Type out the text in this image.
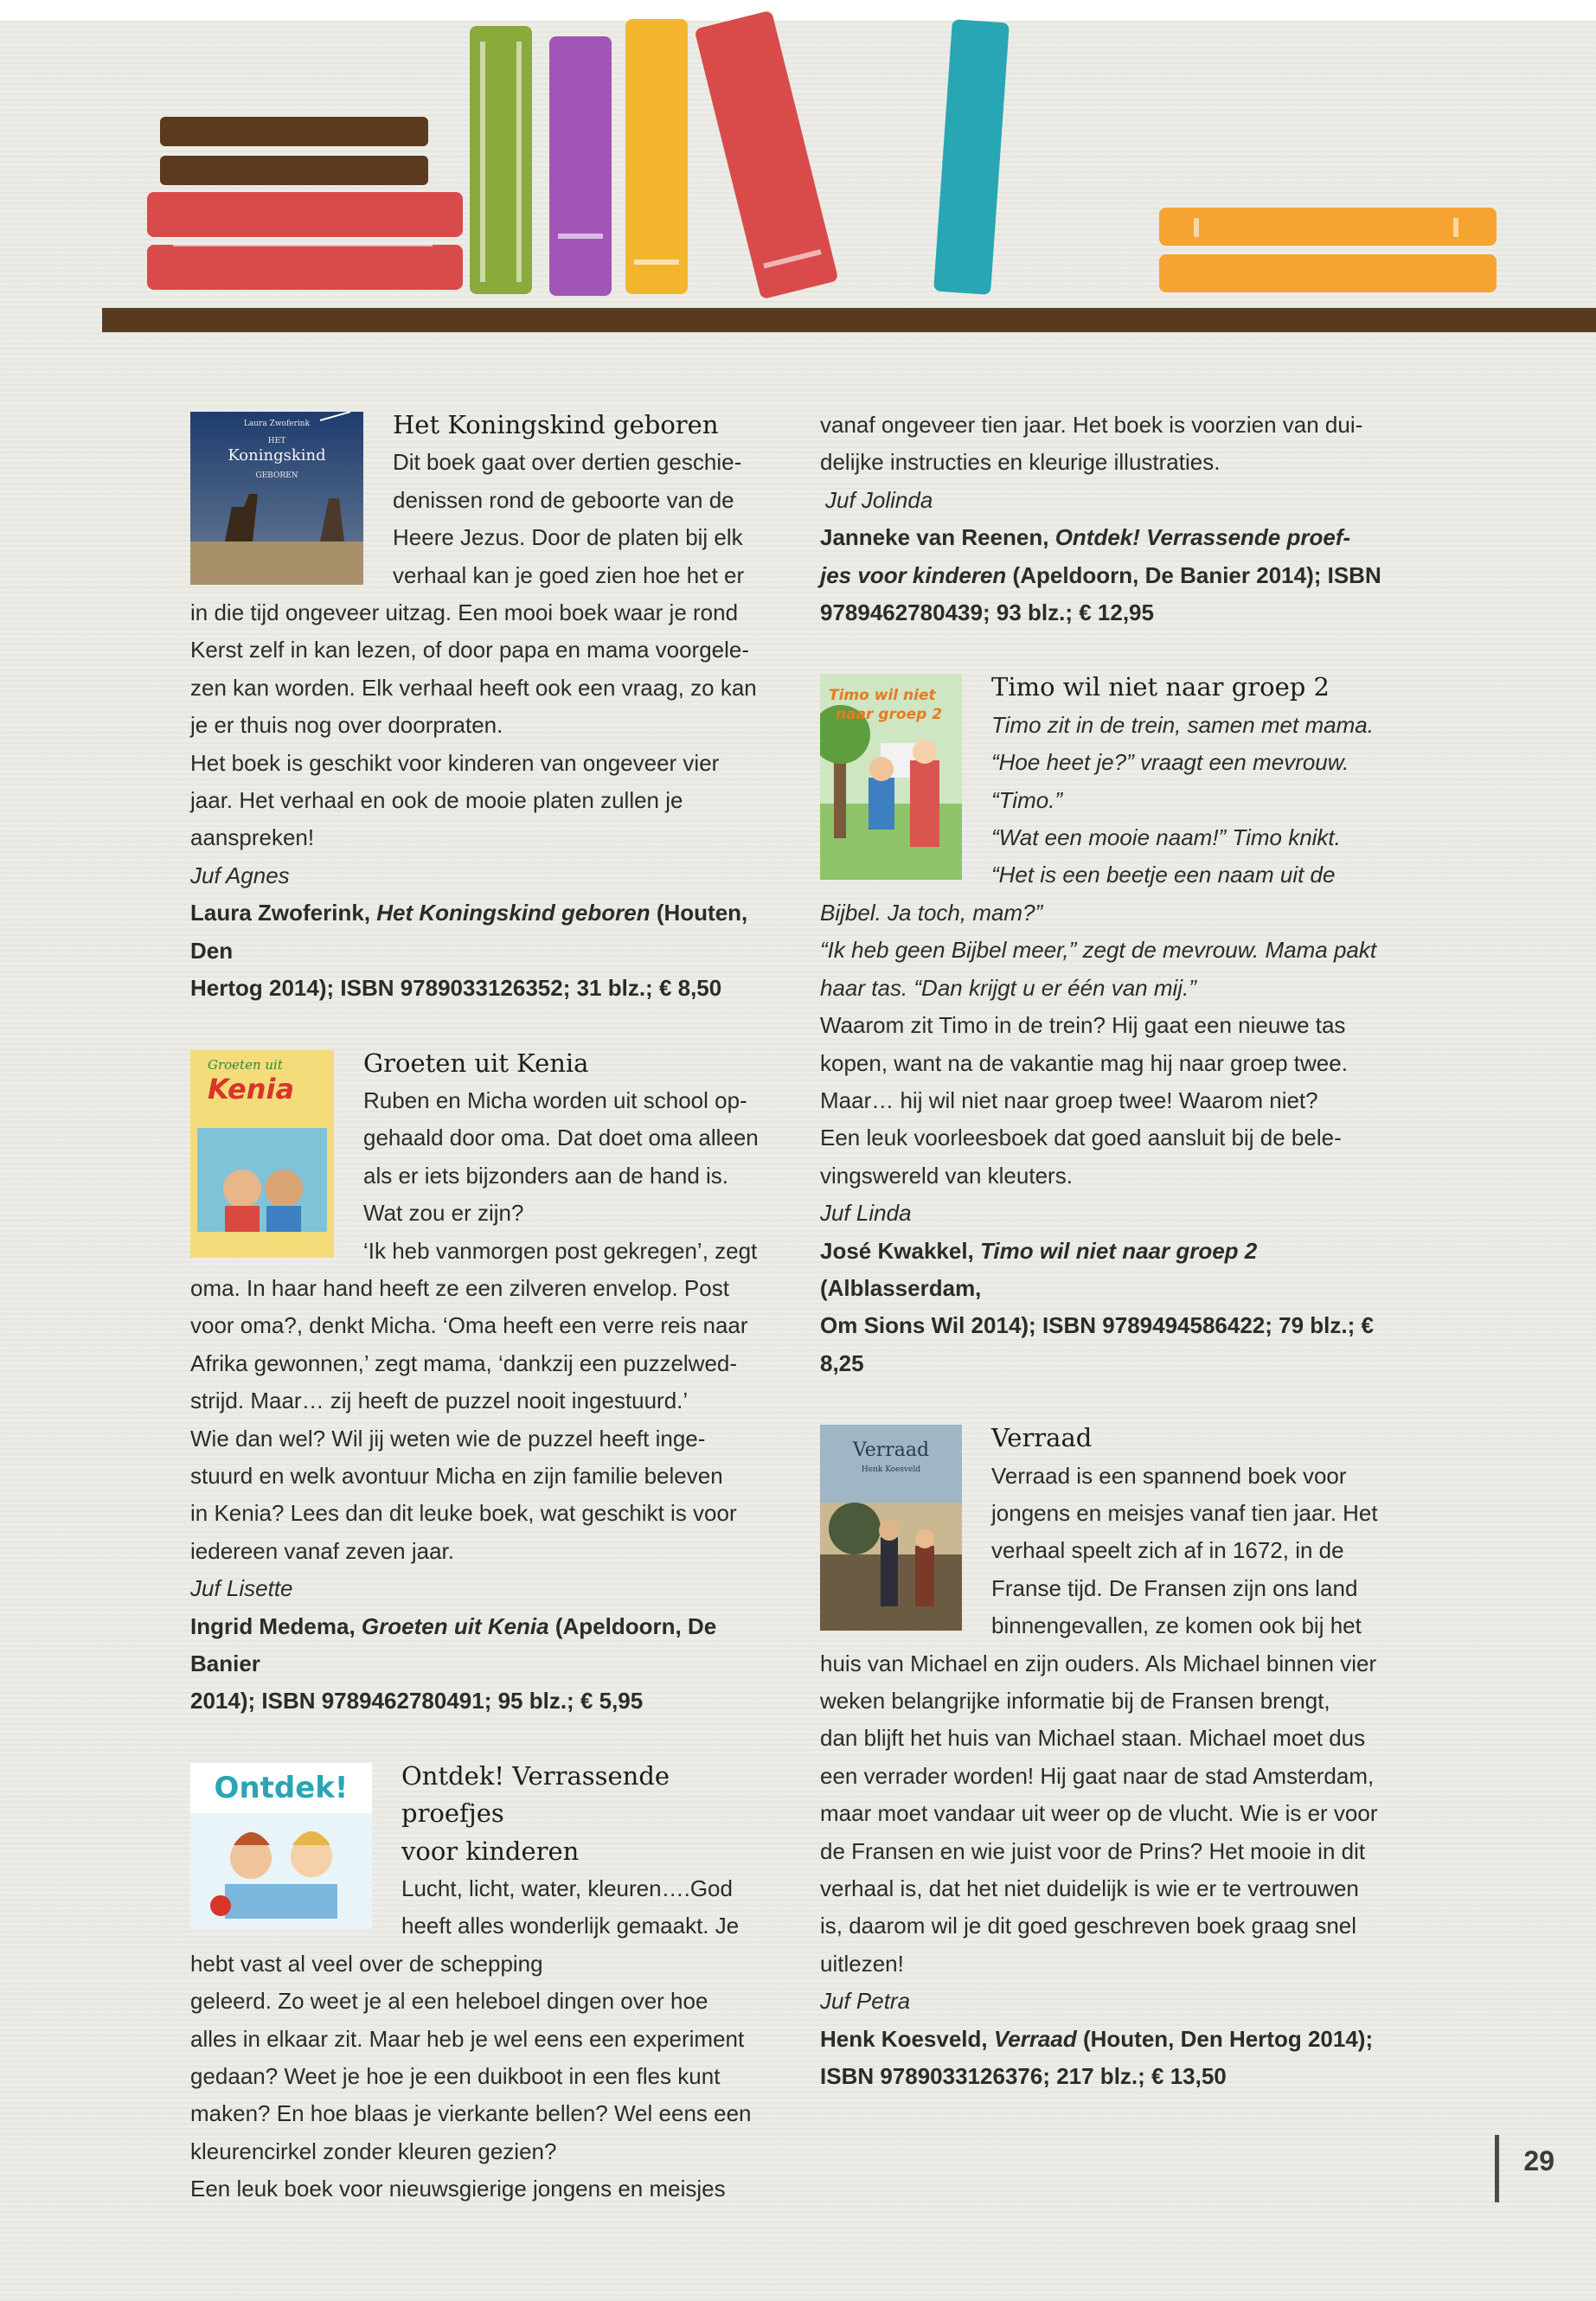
Laura Zwoferink
HET
Koningskind
GEBOREN

Het Koningskind geboren

Dit boek gaat over dertien geschie-

denissen rond de geboorte van de

Heere Jezus. Door de platen bij elk

verhaal kan je goed zien hoe het er

in die tijd ongeveer uitzag. Een mooi boek waar je rond

Kerst zelf in kan lezen, of door papa en mama voorgele-

zen kan worden. Elk verhaal heeft ook een vraag, zo kan

je er thuis nog over doorpraten.

Het boek is geschikt voor kinderen van ongeveer vier

jaar. Het verhaal en ook de mooie platen zullen je

aanspreken!

Juf Agnes

Laura Zwoferink, Het Koningskind geboren (Houten, Den

Hertog 2014); ISBN 9789033126352; 31 blz.; € 8,50

Groeten uit
Kenia

Groeten uit Kenia

Ruben en Micha worden uit school op-

gehaald door oma. Dat doet oma alleen

als er iets bijzonders aan de hand is.

Wat zou er zijn?

‘Ik heb vanmorgen post gekregen’, zegt

oma. In haar hand heeft ze een zilveren envelop. Post

voor oma?, denkt Micha. ‘Oma heeft een verre reis naar

Afrika gewonnen,’ zegt mama, ‘dankzij een puzzelwed-

strijd. Maar… zij heeft de puzzel nooit ingestuurd.’

Wie dan wel? Wil jij weten wie de puzzel heeft inge-

stuurd en welk avontuur Micha en zijn familie beleven

in Kenia? Lees dan dit leuke boek, wat geschikt is voor

iedereen vanaf zeven jaar.

Juf Lisette

Ingrid Medema, Groeten uit Kenia (Apeldoorn, De Banier

2014); ISBN 9789462780491; 95 blz.; € 5,95

Ontdek!	Ontdek! Verrassende proefjes

voor kinderen

Lucht, licht, water, kleuren….God

heeft alles wonderlijk gemaakt. Je

hebt vast al veel over de schepping

geleerd. Zo weet je al een heleboel dingen over hoe

alles in elkaar zit. Maar heb je wel eens een experiment

gedaan? Weet je hoe je een duikboot in een fles kunt

maken? En hoe blaas je vierkante bellen? Wel eens een

kleurencirkel zonder kleuren gezien?

Een leuk boek voor nieuwsgierige jongens en meisjes

vanaf ongeveer tien jaar. Het boek is voorzien van dui-

delijke instructies en kleurige illustraties.

Juf Jolinda

Janneke van Reenen, Ontdek! Verrassende proef-

jes voor kinderen (Apeldoorn, De Banier 2014); ISBN

9789462780439; 93 blz.; € 12,95

Timo wil niet
naar groep 2

Timo wil niet naar groep 2

Timo zit in de trein, samen met mama.

“Hoe heet je?” vraagt een mevrouw.

“Timo.”

“Wat een mooie naam!” Timo knikt.

“Het is een beetje een naam uit de

Bijbel. Ja toch, mam?”

“Ik heb geen Bijbel meer,” zegt de mevrouw. Mama pakt

haar tas. “Dan krijgt u er één van mij.”

Waarom zit Timo in de trein? Hij gaat een nieuwe tas

kopen, want na de vakantie mag hij naar groep twee.

Maar… hij wil niet naar groep twee! Waarom niet?

Een leuk voorleesboek dat goed aansluit bij de bele-

vingswereld van kleuters.

Juf Linda

José Kwakkel, Timo wil niet naar groep 2 (Alblasserdam,

Om Sions Wil 2014); ISBN 9789494586422; 79 blz.; € 8,25

Verraad
Henk Koesveld

Verraad

Verraad is een spannend boek voor

jongens en meisjes vanaf tien jaar. Het

verhaal speelt zich af in 1672, in de

Franse tijd. De Fransen zijn ons land

binnengevallen, ze komen ook bij het

huis van Michael en zijn ouders. Als Michael binnen vier

weken belangrijke informatie bij de Fransen brengt,

dan blijft het huis van Michael staan. Michael moet dus

een verrader worden! Hij gaat naar de stad Amsterdam,

maar moet vandaar uit weer op de vlucht. Wie is er voor

de Fransen en wie juist voor de Prins? Het mooie in dit

verhaal is, dat het niet duidelijk is wie er te vertrouwen

is, daarom wil je dit goed geschreven boek graag snel

uitlezen!

Juf Petra

Henk Koesveld, Verraad (Houten, Den Hertog 2014);

ISBN 9789033126376; 217 blz.; € 13,50

29
